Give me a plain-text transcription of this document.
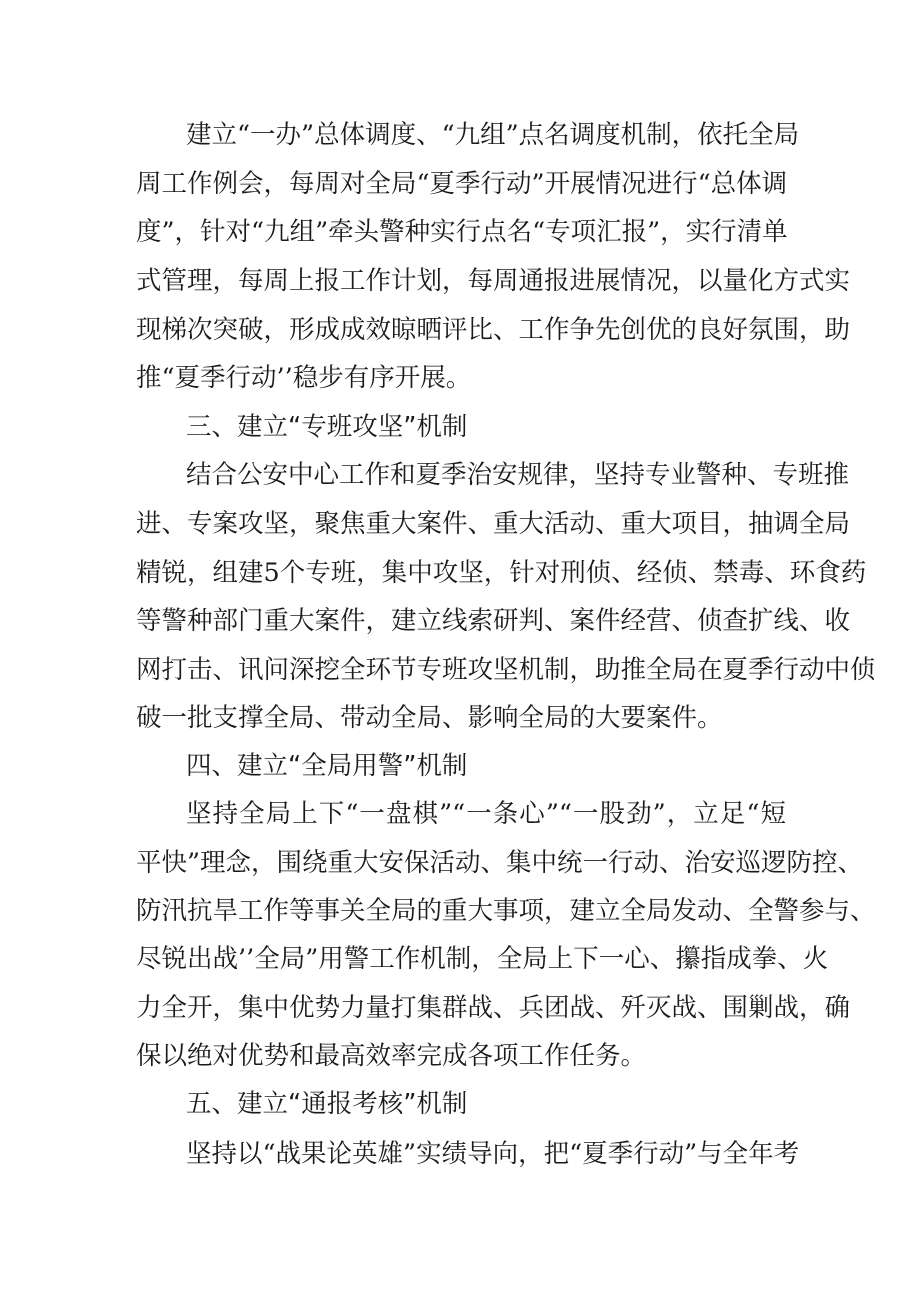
建立“一办”总体调度、“九组”点名调度机制，依托全局
周工作例会，每周对全局“夏季行动”开展情况进行“总体调
度”，针对“九组”牵头警种实行点名“专项汇报”，实行清单
式管理，每周上报工作计划，每周通报进展情况，以量化方式实
现梯次突破，形成成效晾晒评比、工作争先创优的良好氛围，助
推“夏季行动’’稳步有序开展。
三、建立“专班攻坚”机制
结合公安中心工作和夏季治安规律，坚持专业警种、专班推
进、专案攻坚，聚焦重大案件、重大活动、重大项目，抽调全局
精锐，组建5个专班，集中攻坚，针对刑侦、经侦、禁毒、环食药
等警种部门重大案件，建立线索研判、案件经营、侦查扩线、收
网打击、讯问深挖全环节专班攻坚机制，助推全局在夏季行动中侦
破一批支撑全局、带动全局、影响全局的大要案件。
四、建立“全局用警”机制
坚持全局上下“一盘棋”“一条心”“一股劲”，立足“短
平快”理念，围绕重大安保活动、集中统一行动、治安巡逻防控、
防汛抗旱工作等事关全局的重大事项，建立全局发动、全警参与、
尽锐出战’’全局”用警工作机制，全局上下一心、攥指成拳、火
力全开，集中优势力量打集群战、兵团战、歼灭战、围剿战，确
保以绝对优势和最高效率完成各项工作任务。
五、建立“通报考核”机制
坚持以“战果论英雄”实绩导向，把“夏季行动”与全年考
